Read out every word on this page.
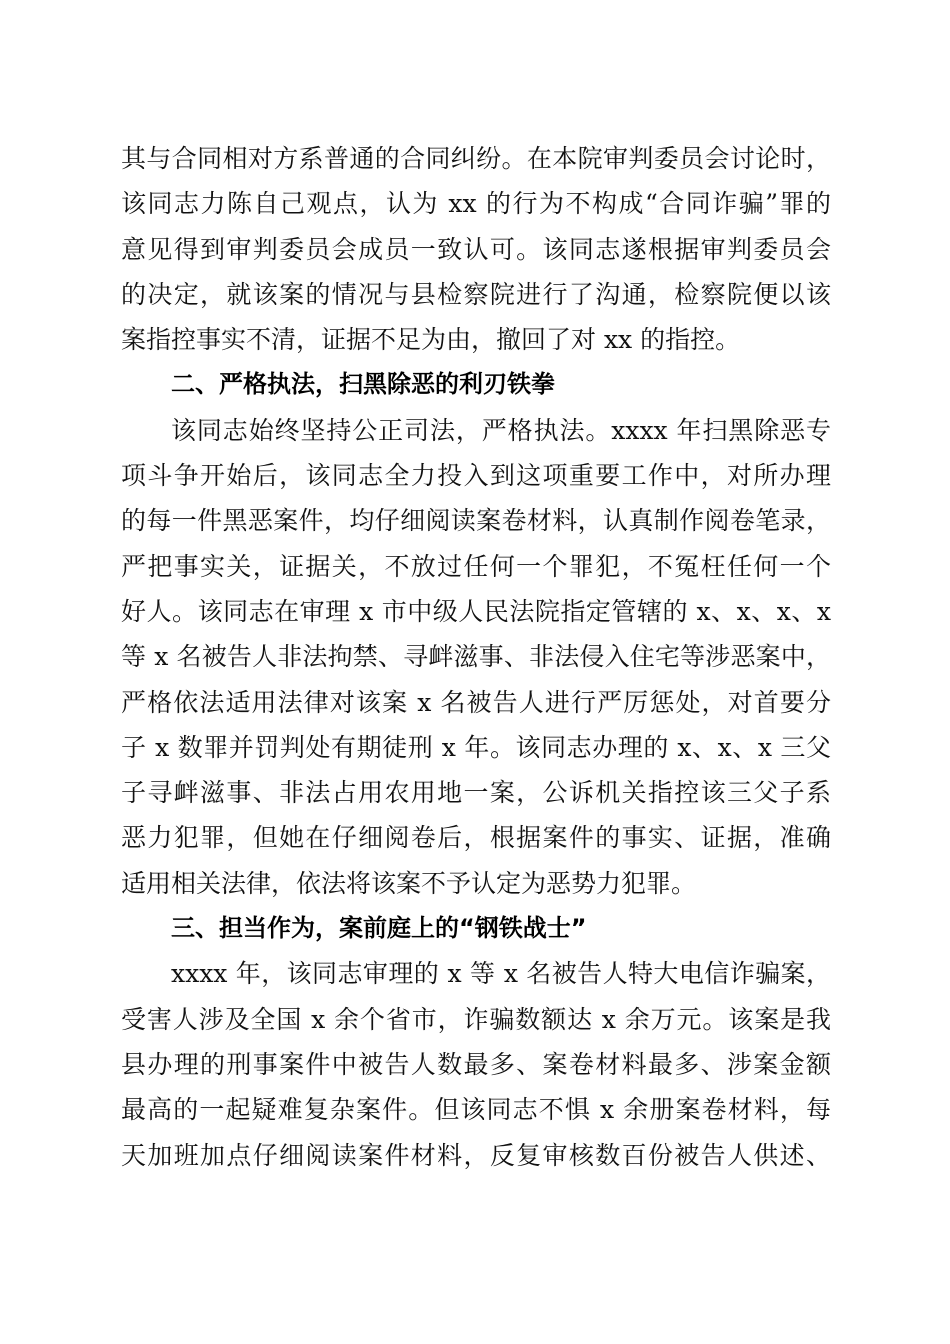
其与合同相对方系普通的合同纠纷。在本院审判委员会讨论时，
该同志力陈自己观点，认为 xx 的行为不构成“合同诈骗”罪的
意见得到审判委员会成员一致认可。该同志遂根据审判委员会
的决定，就该案的情况与县检察院进行了沟通，检察院便以该
案指控事实不清，证据不足为由，撤回了对 xx 的指控。
二、严格执法，扫黑除恶的利刃铁拳
该同志始终坚持公正司法，严格执法。xxxx 年扫黑除恶专
项斗争开始后，该同志全力投入到这项重要工作中，对所办理
的每一件黑恶案件，均仔细阅读案卷材料，认真制作阅卷笔录，
严把事实关，证据关，不放过任何一个罪犯，不冤枉任何一个
好人。该同志在审理 x 市中级人民法院指定管辖的 x、x、x、x
等 x 名被告人非法拘禁、寻衅滋事、非法侵入住宅等涉恶案中，
严格依法适用法律对该案 x 名被告人进行严厉惩处，对首要分
子 x 数罪并罚判处有期徒刑 x 年。该同志办理的 x、x、x 三父
子寻衅滋事、非法占用农用地一案，公诉机关指控该三父子系
恶力犯罪，但她在仔细阅卷后，根据案件的事实、证据，准确
适用相关法律，依法将该案不予认定为恶势力犯罪。
三、担当作为，案前庭上的“钢铁战士”
xxxx 年，该同志审理的 x 等 x 名被告人特大电信诈骗案，
受害人涉及全国 x 余个省市，诈骗数额达 x 余万元。该案是我
县办理的刑事案件中被告人数最多、案卷材料最多、涉案金额
最高的一起疑难复杂案件。但该同志不惧 x 余册案卷材料，每
天加班加点仔细阅读案件材料，反复审核数百份被告人供述、
